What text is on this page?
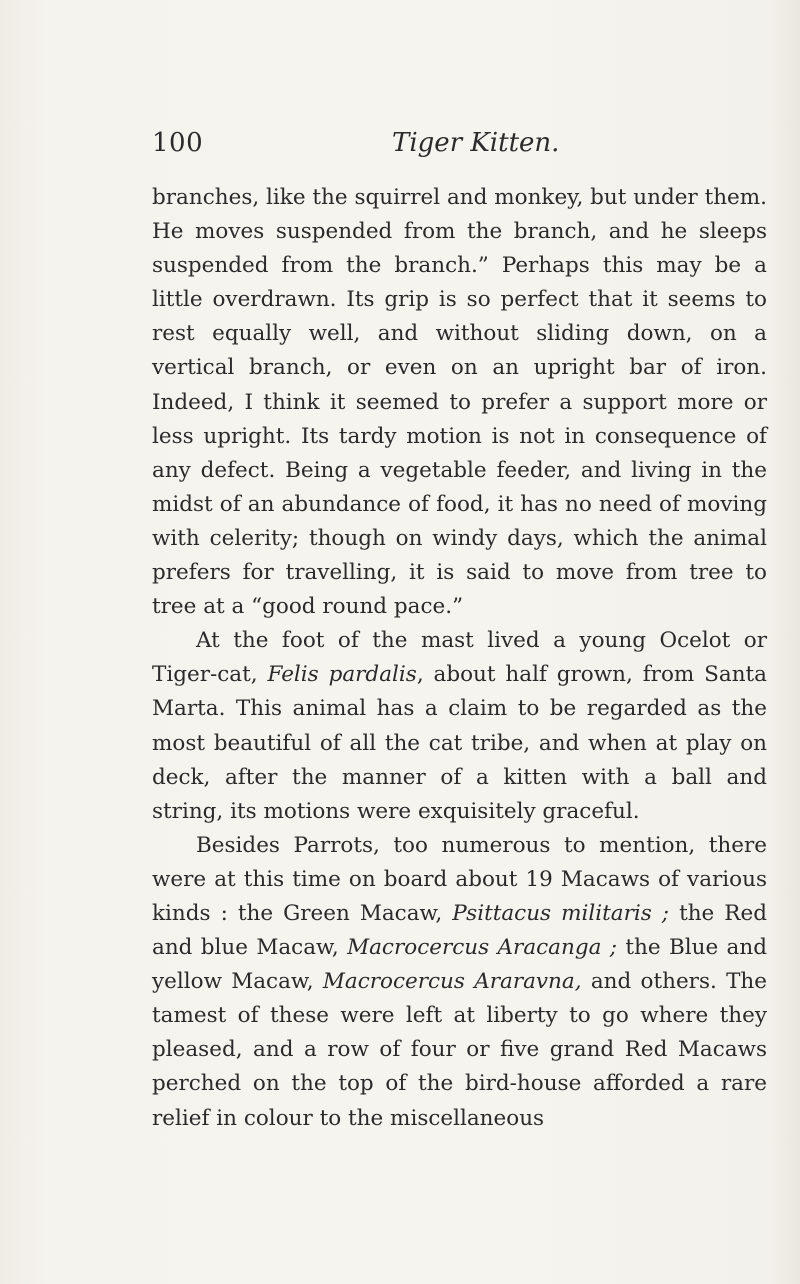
100	Tiger Kitten.

branches, like the squirrel and monkey, but under them. He moves suspended from the branch, and he sleeps suspended from the branch.” Perhaps this may be a little overdrawn. Its grip is so perfect that it seems to rest equally well, and without sliding down, on a vertical branch, or even on an upright bar of iron. Indeed, I think it seemed to prefer a support more or less upright. Its tardy motion is not in consequence of any defect. Being a vegetable feeder, and living in the midst of an abundance of food, it has no need of moving with celerity; though on windy days, which the animal prefers for travelling, it is said to move from tree to tree at a “good round pace.”

At the foot of the mast lived a young Ocelot or Tiger-cat, Felis pardalis, about half grown, from Santa Marta. This animal has a claim to be regarded as the most beautiful of all the cat tribe, and when at play on deck, after the manner of a kitten with a ball and string, its motions were exquisitely graceful.

Besides Parrots, too numerous to mention, there were at this time on board about 19 Macaws of various kinds : the Green Macaw, Psittacus militaris ; the Red and blue Macaw, Macrocercus Aracanga ; the Blue and yellow Macaw, Macrocercus Araravna, and others. The tamest of these were left at liberty to go where they pleased, and a row of four or five grand Red Macaws perched on the top of the bird-house afforded a rare relief in colour to the miscellaneous
